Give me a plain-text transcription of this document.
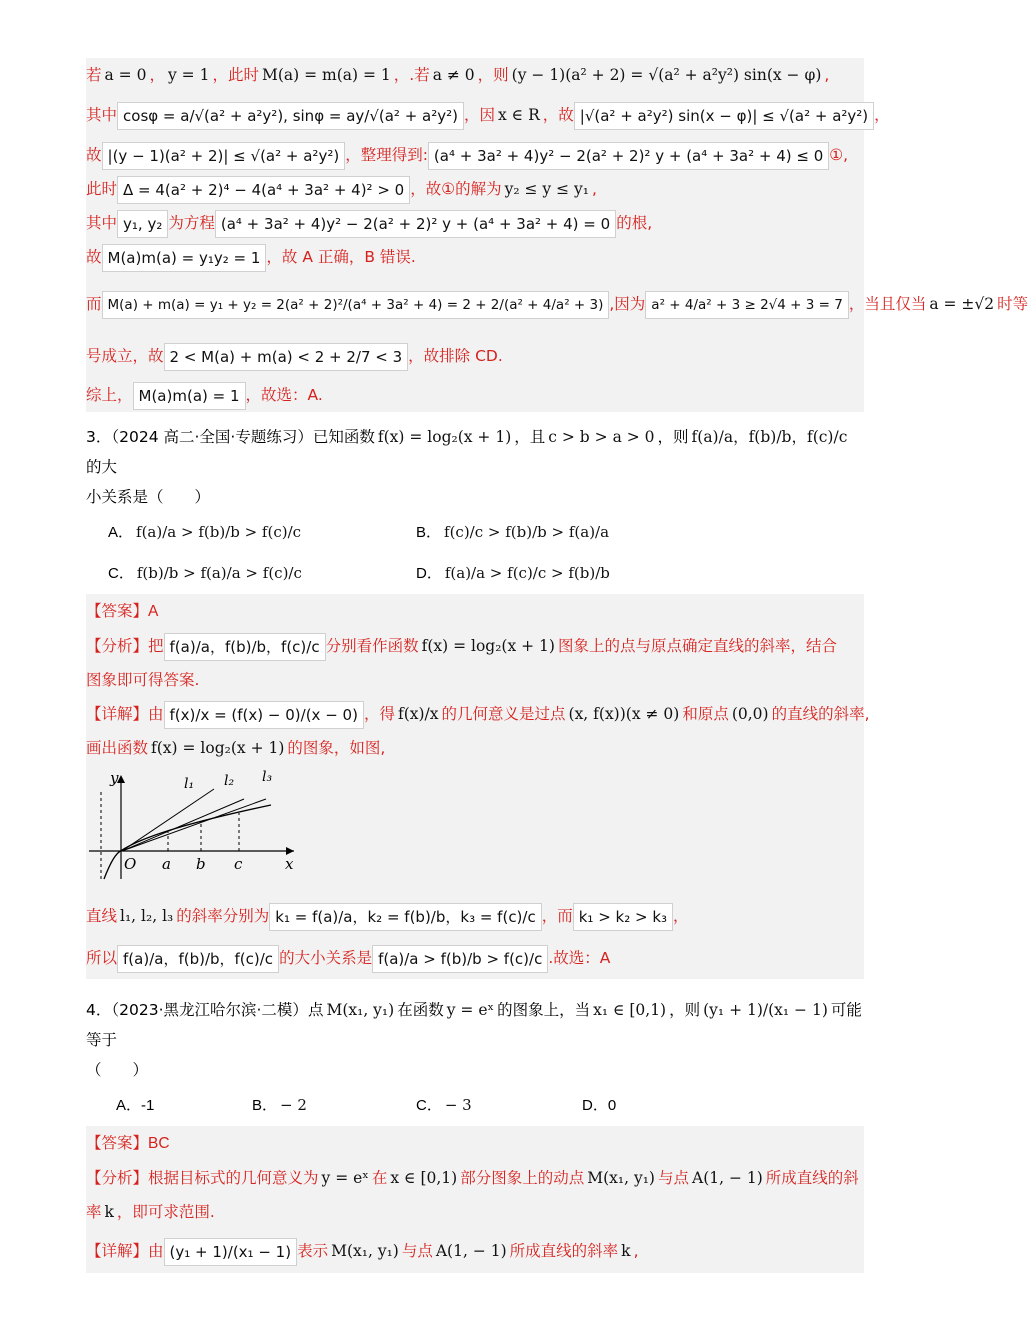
若 a = 0 ， y = 1 ，此时 M(a) = m(a) = 1 ，.若 a ≠ 0 ，则 (y − 1)(a² + 2) = √(a² + a²y²) sin(x − φ) ,
其中 cosφ = a/√(a² + a²y²), sinφ = ay/√(a² + a²y²) ，因 x ∈ R ，故 |√(a² + a²y²) sin(x − φ)| ≤ √(a² + a²y²) ，
故 |(y − 1)(a² + 2)| ≤ √(a² + a²y²) ，整理得到: (a⁴ + 3a² + 4)y² − 2(a² + 2)² y + (a⁴ + 3a² + 4) ≤ 0 ①,
此时 Δ = 4(a² + 2)⁴ − 4(a⁴ + 3a² + 4)² > 0 ，故①的解为 y₂ ≤ y ≤ y₁ ,
其中 y₁, y₂ 为方程 (a⁴ + 3a² + 4)y² − 2(a² + 2)² y + (a⁴ + 3a² + 4) = 0 的根,
故 M(a)m(a) = y₁y₂ = 1 ，故 A 正确，B 错误.
而 M(a) + m(a) = y₁ + y₂ = 2(a² + 2)²/(a⁴ + 3a² + 4) = 2 + 2/(a² + 4/a² + 3) ,因为 a² + 4/a² + 3 ≥ 2√4 + 3 = 7 ，当且仅当 a = ±√2 时等
号成立，故 2 < M(a) + m(a) < 2 + 2/7 < 3 ，故排除 CD.
综上， M(a)m(a) = 1 ，故选：A.
3．（2024 高二·全国·专题练习）已知函数 f(x) = log₂(x + 1) ，且 c > b > a > 0 ，则 f(a)/a，f(b)/b，f(c)/c的大
小关系是（　　）
A． f(a)/a > f(b)/b > f(c)/c	B． f(c)/c > f(b)/b > f(a)/a
C． f(b)/b > f(a)/a > f(c)/c	D． f(a)/a > f(c)/c > f(b)/b
【答案】A
【分析】把 f(a)/a，f(b)/b，f(c)/c 分别看作函数 f(x) = log₂(x + 1) 图象上的点与原点确定直线的斜率，结合
图象即可得答案.
【详解】由 f(x)/x = (f(x) − 0)/(x − 0) ，得 f(x)/x 的几何意义是过点 (x, f(x))(x ≠ 0) 和原点 (0,0) 的直线的斜率,
画出函数 f(x) = log₂(x + 1) 的图象，如图,
y
x
O a b c
l₁ l₂ l₃
直线 l₁, l₂, l₃ 的斜率分别为 k₁ = f(a)/a，k₂ = f(b)/b，k₃ = f(c)/c ，而 k₁ > k₂ > k₃ ，
所以 f(a)/a，f(b)/b，f(c)/c 的大小关系是 f(a)/a > f(b)/b > f(c)/c .故选：A
4．（2023·黑龙江哈尔滨·二模）点 M(x₁, y₁) 在函数 y = eˣ 的图象上，当 x₁ ∈ [0,1) ，则 (y₁ + 1)/(x₁ − 1) 可能等于
（　　）
A．-1	B． − 2	C． − 3	D．0
【答案】BC
【分析】根据目标式的几何意义为 y = eˣ 在 x ∈ [0,1) 部分图象上的动点 M(x₁, y₁) 与点 A(1, − 1) 所成直线的斜
率 k ，即可求范围.
【详解】由 (y₁ + 1)/(x₁ − 1) 表示 M(x₁, y₁) 与点 A(1, − 1) 所成直线的斜率 k ,
